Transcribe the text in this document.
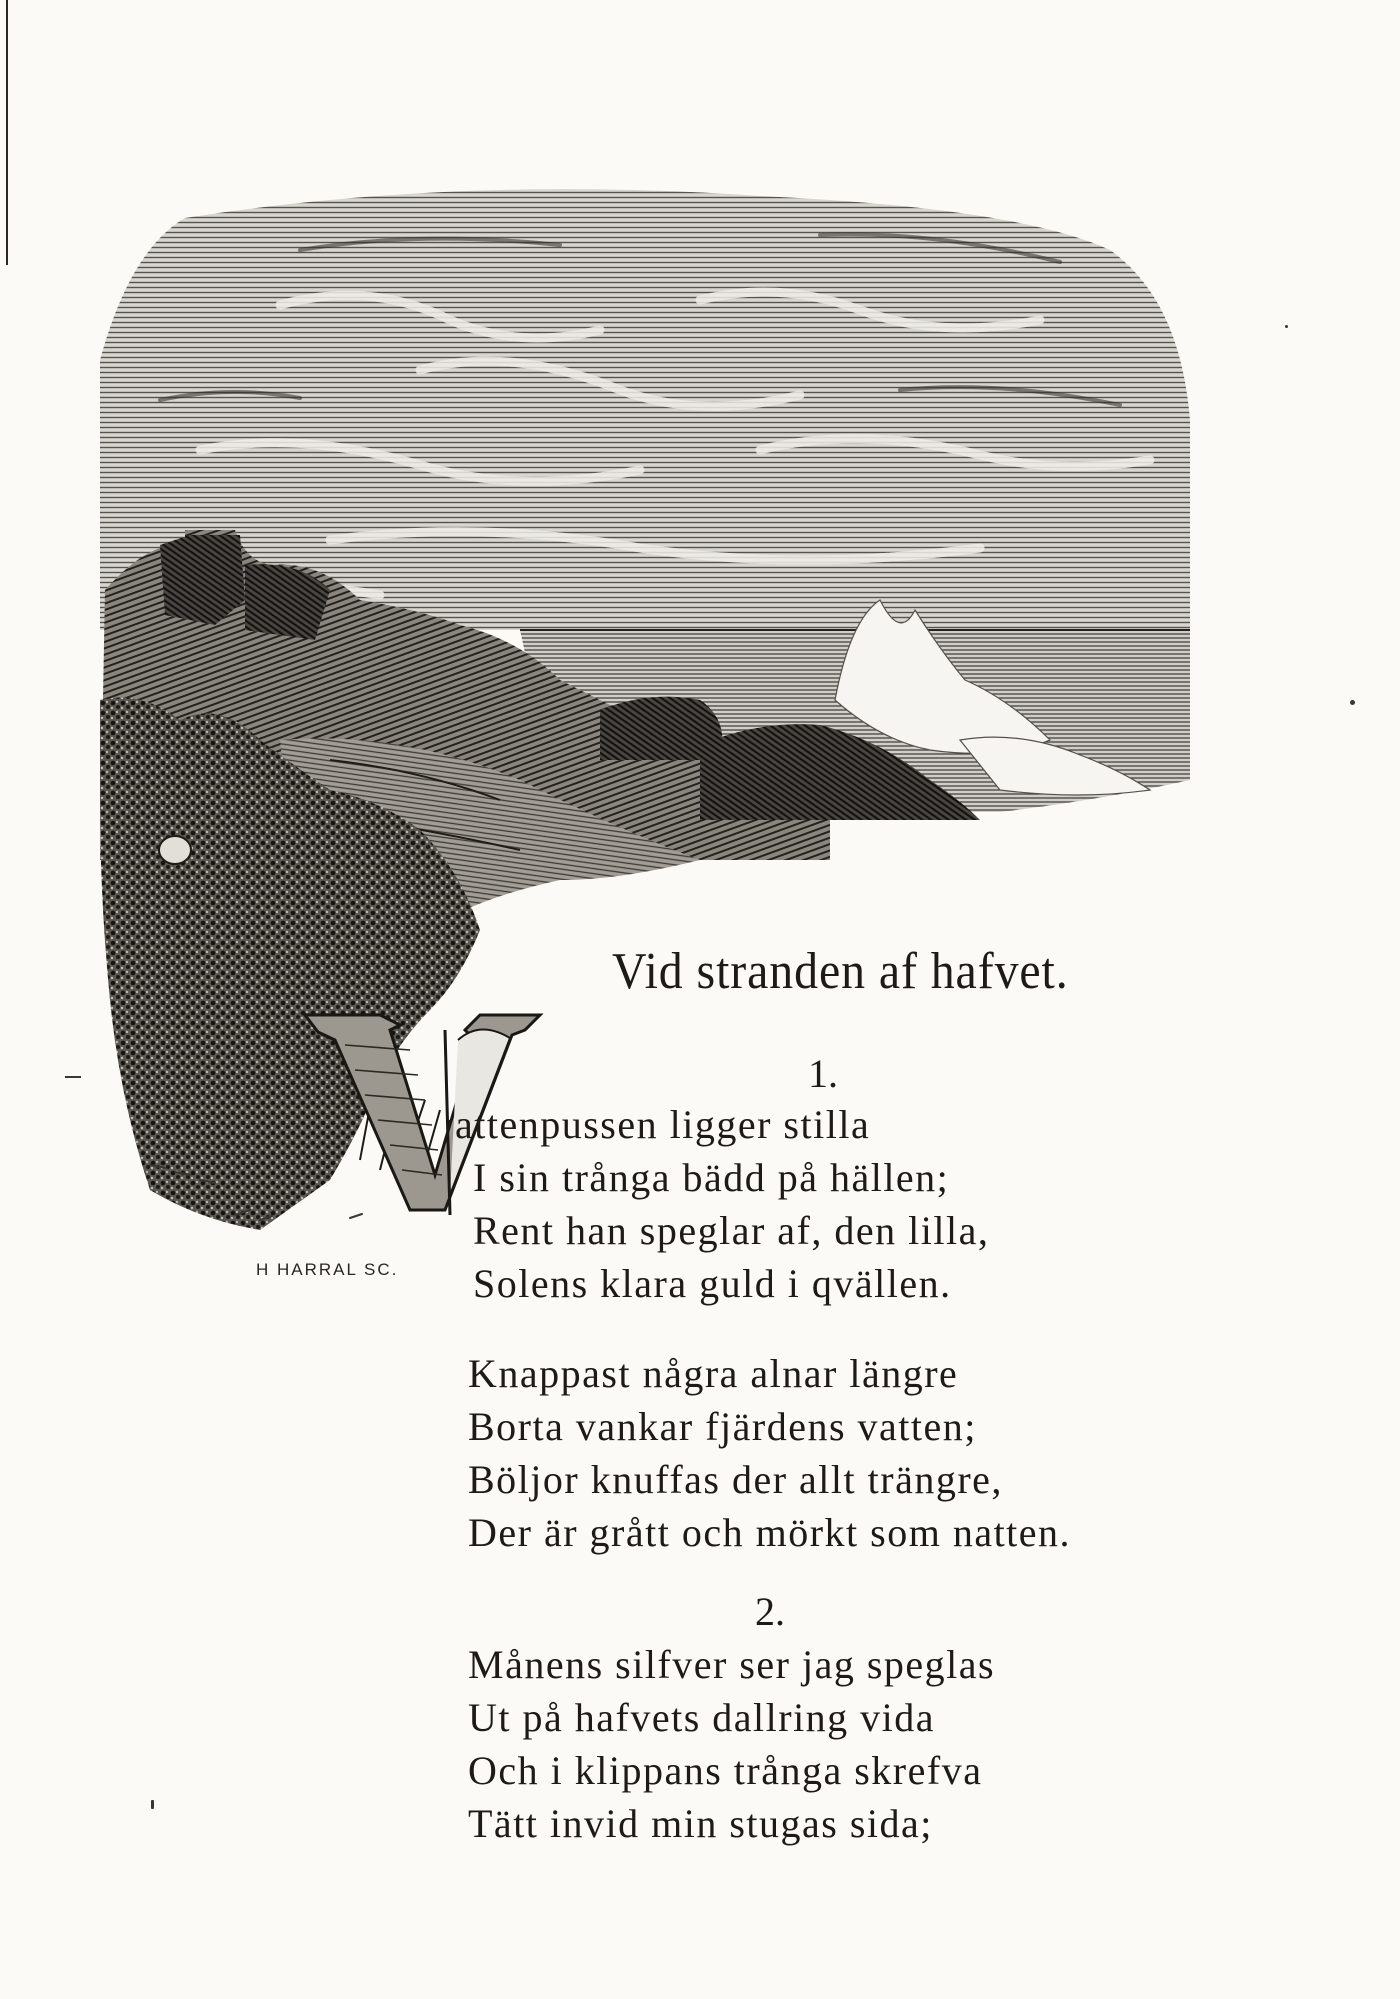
H HARRAL SC.
Vid stranden af hafvet.
1.
attenpussen ligger stilla
I sin trånga bädd på hällen;
Rent han speglar af, den lilla,
Solens klara guld i qvällen.
Knappast några alnar längre
Borta vankar fjärdens vatten;
Böljor knuffas der allt trängre,
Der är grått och mörkt som natten.
2.
Månens silfver ser jag speglas
Ut på hafvets dallring vida
Och i klippans trånga skrefva
Tätt invid min stugas sida;
